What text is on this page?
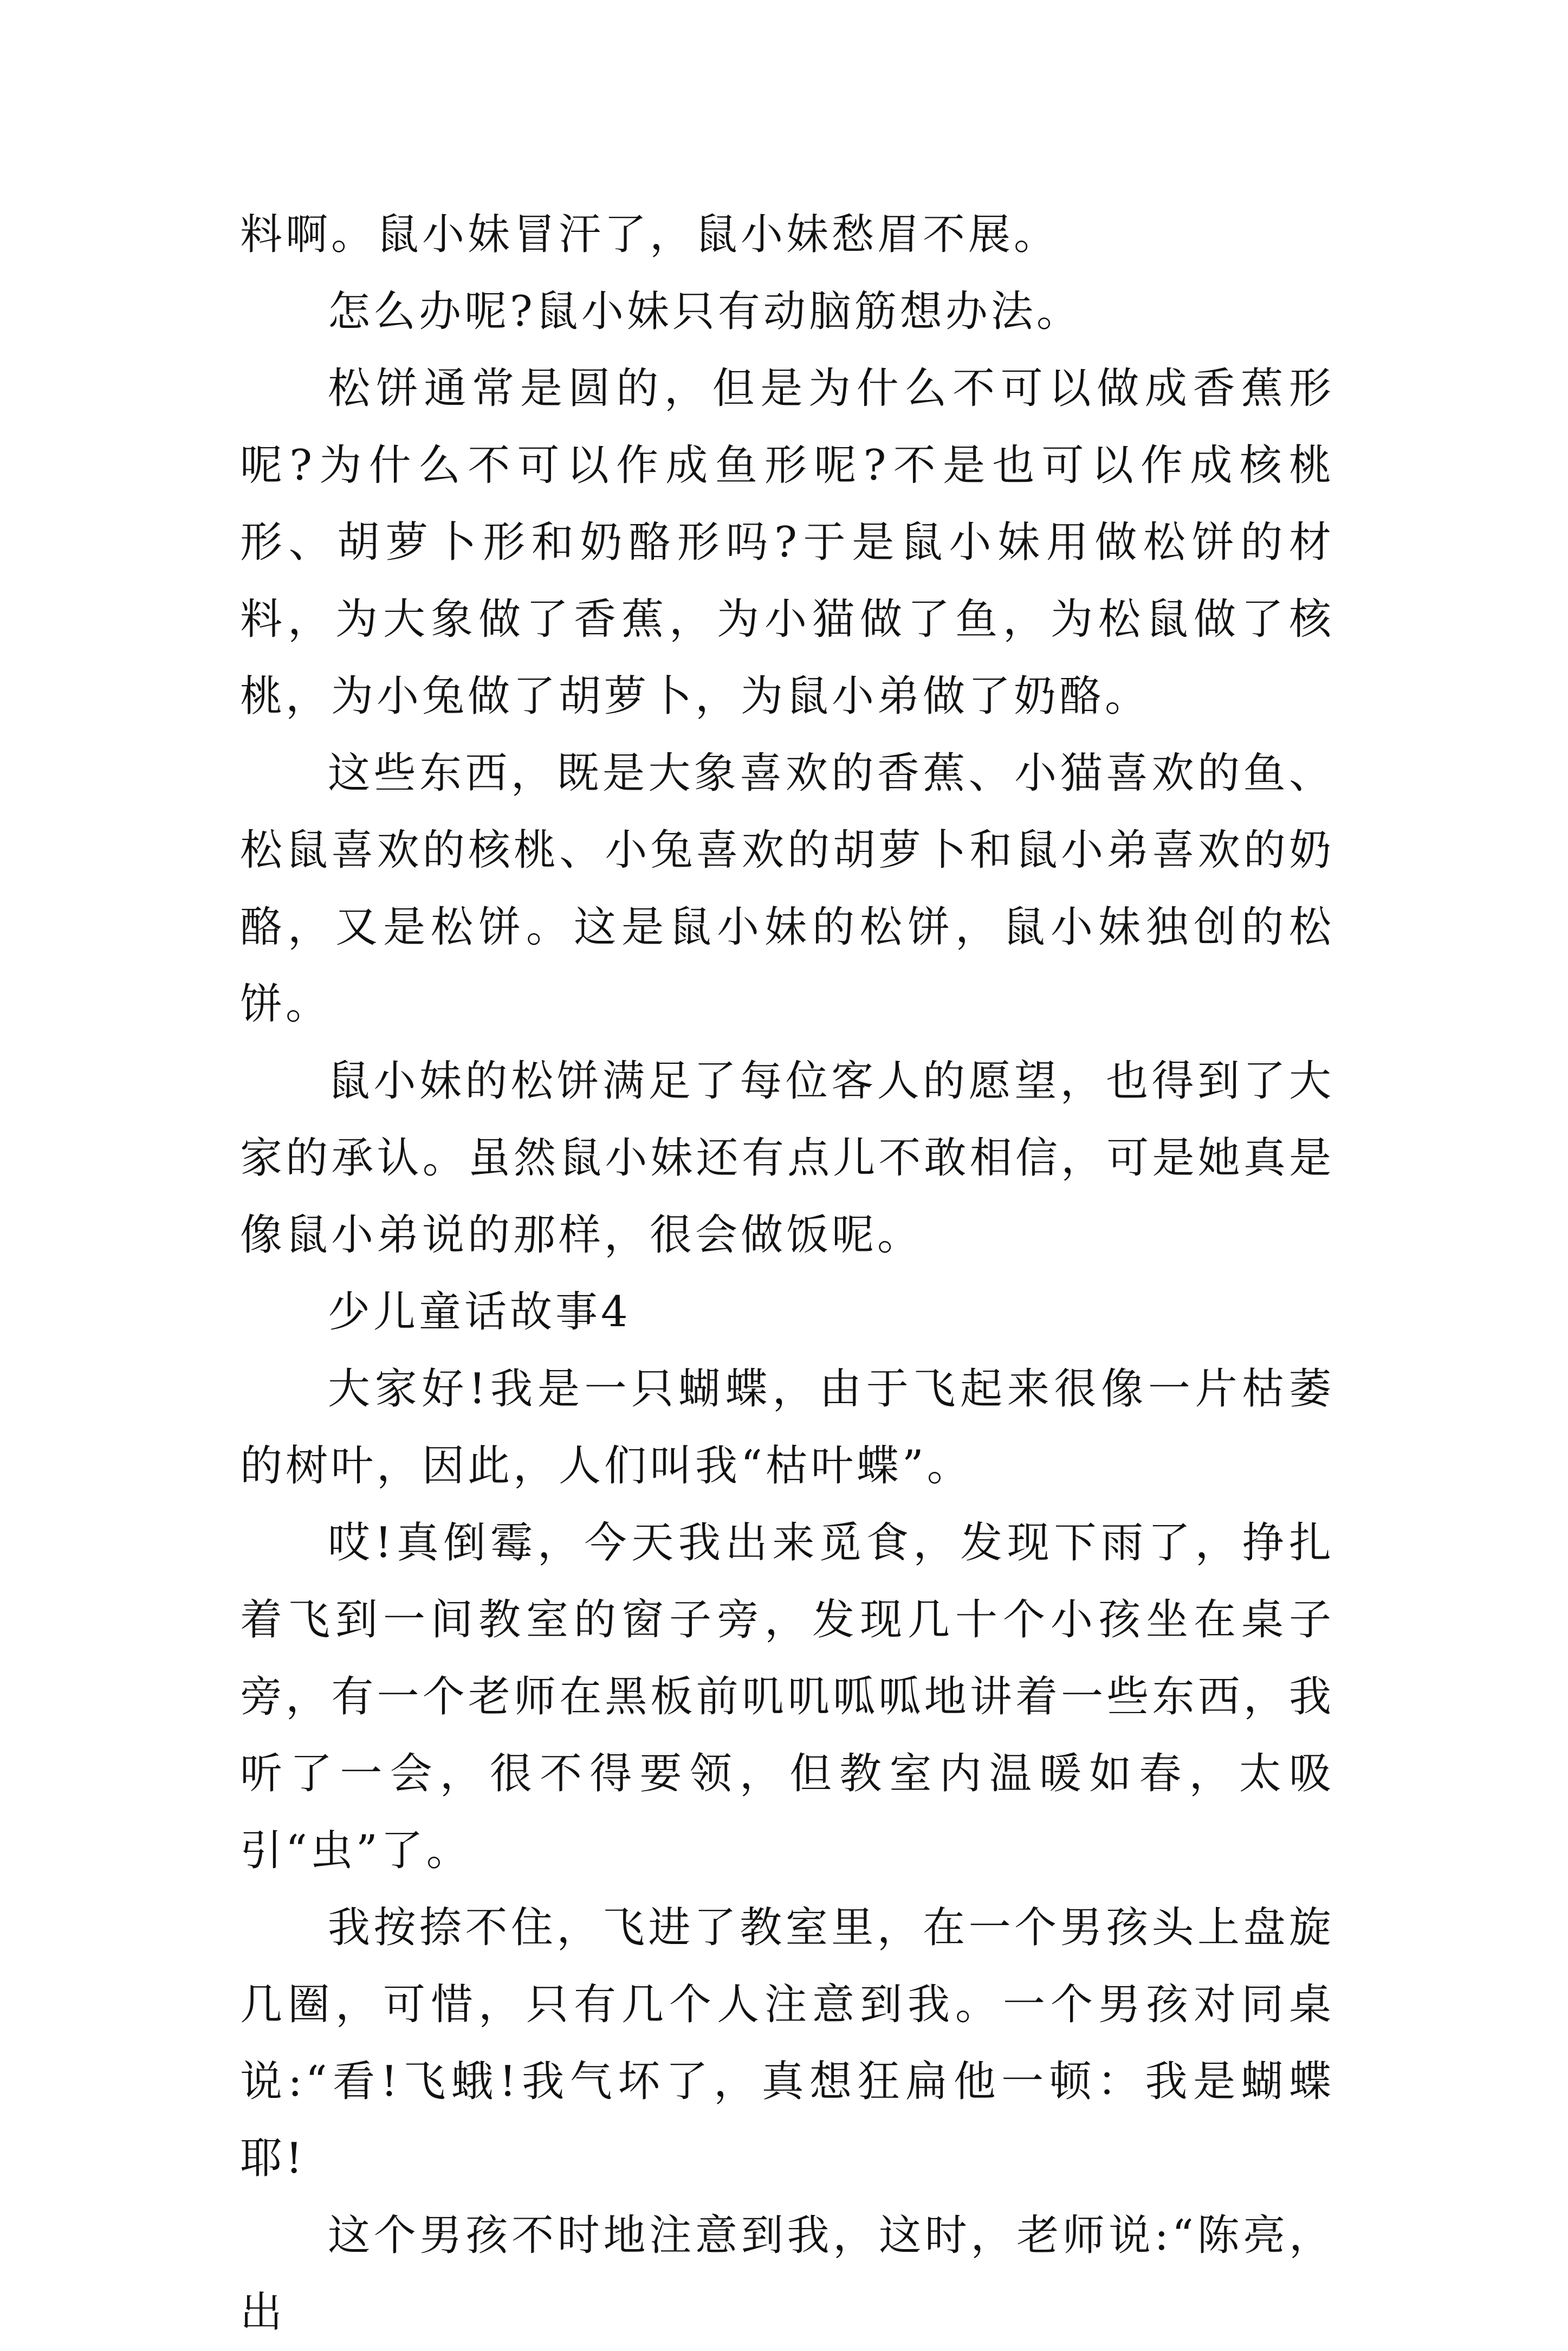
料啊。鼠小妹冒汗了，鼠小妹愁眉不展。

怎么办呢?鼠小妹只有动脑筋想办法。

松饼通常是圆的，但是为什么不可以做成香蕉形呢?为什么不可以作成鱼形呢?不是也可以作成核桃形、胡萝卜形和奶酪形吗?于是鼠小妹用做松饼的材料，为大象做了香蕉，为小猫做了鱼，为松鼠做了核桃，为小兔做了胡萝卜，为鼠小弟做了奶酪。

这些东西，既是大象喜欢的香蕉、小猫喜欢的鱼、松鼠喜欢的核桃、小兔喜欢的胡萝卜和鼠小弟喜欢的奶酪，又是松饼。这是鼠小妹的松饼，鼠小妹独创的松饼。

鼠小妹的松饼满足了每位客人的愿望，也得到了大家的承认。虽然鼠小妹还有点儿不敢相信，可是她真是像鼠小弟说的那样，很会做饭呢。

少儿童话故事4

大家好!我是一只蝴蝶，由于飞起来很像一片枯萎的树叶，因此，人们叫我“枯叶蝶”。

哎!真倒霉，今天我出来觅食，发现下雨了，挣扎着飞到一间教室的窗子旁，发现几十个小孩坐在桌子旁，有一个老师在黑板前叽叽呱呱地讲着一些东西，我听了一会，很不得要领，但教室内温暖如春，太吸引“虫”了。

我按捺不住，飞进了教室里，在一个男孩头上盘旋几圈，可惜，只有几个人注意到我。一个男孩对同桌说:“看!飞蛾!我气坏了，真想狂扁他一顿：我是蝴蝶耶!

这个男孩不时地注意到我，这时，老师说:“陈亮，出
